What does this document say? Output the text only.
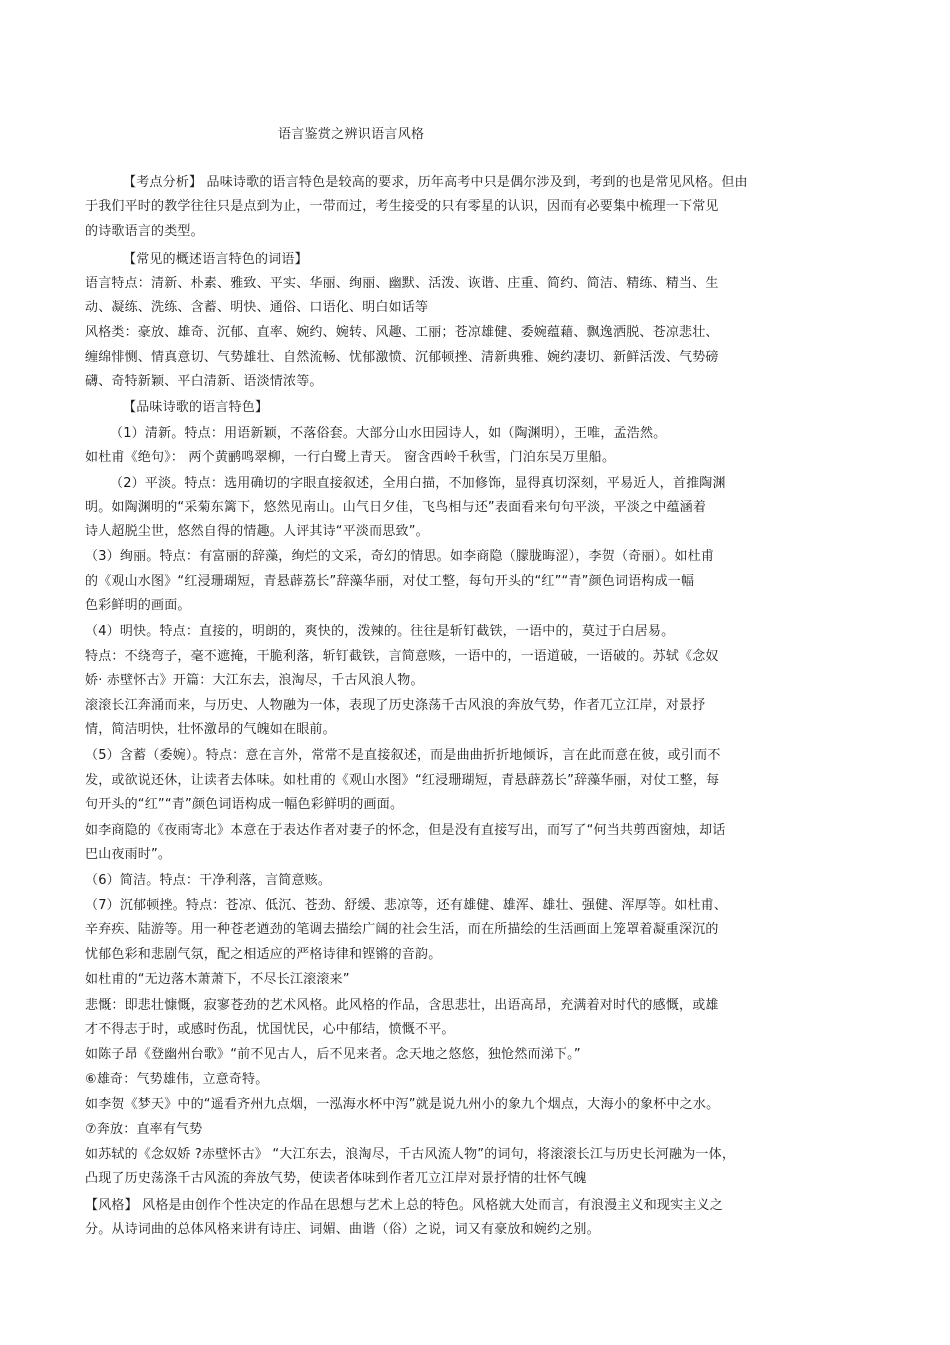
语言鉴赏之辨识语言风格
【考点分析】 品味诗歌的语言特色是较高的要求，历年高考中只是偶尔涉及到，考到的也是常见风格。但由
于我们平时的教学往往只是点到为止，一带而过，考生接受的只有零星的认识，因而有必要集中梳理一下常见
的诗歌语言的类型。
【常见的概述语言特色的词语】
语言特点：清新、朴素、雅致、平实、华丽、绚丽、幽默、活泼、诙谐、庄重、简约、简洁、精练、精当、生
动、凝练、洗练、含蓄、明快、通俗、口语化、明白如话等
风格类：豪放、雄奇、沉郁、直率、婉约、婉转、风趣、工丽；苍凉雄健、委婉蕴藉、飘逸洒脱、苍凉悲壮、
缠绵悱恻、情真意切、气势雄壮、自然流畅、忧郁激愤、沉郁顿挫、清新典雅、婉约凄切、新鲜活泼、气势磅
礴、奇特新颖、平白清新、语淡情浓等。
【品味诗歌的语言特色】
（1）清新。特点：用语新颖，不落俗套。大部分山水田园诗人，如（陶渊明），王唯，孟浩然。
如杜甫《绝句》： 两个黄鹂鸣翠柳，一行白鹭上青天。 窗含西岭千秋雪，门泊东吴万里船。
（2）平淡。特点：选用确切的字眼直接叙述，全用白描，不加修饰，显得真切深刻，平易近人，首推陶渊
明。如陶渊明的“采菊东篱下，悠然见南山。山气日夕佳，飞鸟相与还”表面看来句句平淡，平淡之中蕴涵着
诗人超脱尘世，悠然自得的情趣。人评其诗“平淡而思致”。
（3）绚丽。特点：有富丽的辞藻，绚烂的文采，奇幻的情思。如李商隐（朦胧晦涩），李贺（奇丽）。如杜甫
的《观山水图》“红浸珊瑚短，青悬薜荔长”辞藻华丽，对仗工整，每句开头的“红”“青”颜色词语构成一幅
色彩鲜明的画面。
（4）明快。特点：直接的，明朗的，爽快的，泼辣的。往往是斩钉截铁，一语中的，莫过于白居易。
特点：不绕弯子，毫不遮掩，干脆利落，斩钉截铁，言简意赅，一语中的，一语道破，一语破的。苏轼《念奴
娇· 赤壁怀古》开篇：大江东去，浪淘尽，千古风浪人物。
滚滚长江奔涌而来，与历史、人物融为一体，表现了历史涤荡千古风浪的奔放气势，作者兀立江岸，对景抒
情，简洁明快，壮怀激昂的气魄如在眼前。
（5）含蓄（委婉）。特点：意在言外，常常不是直接叙述，而是曲曲折折地倾诉，言在此而意在彼，或引而不
发，或欲说还休，让读者去体味。如杜甫的《观山水图》“红浸珊瑚短，青悬薜荔长”辞藻华丽，对仗工整，每
句开头的“红”“青”颜色词语构成一幅色彩鲜明的画面。
如李商隐的《夜雨寄北》本意在于表达作者对妻子的怀念，但是没有直接写出，而写了“何当共剪西窗烛，却话
巴山夜雨时”。
（6）简洁。特点：干净利落，言简意赅。
（7）沉郁顿挫。特点：苍凉、低沉、苍劲、舒缓、悲凉等，还有雄健、雄浑、雄壮、强健、浑厚等。如杜甫、
辛弃疾、陆游等。用一种苍老遒劲的笔调去描绘广阔的社会生活，而在所描绘的生活画面上笼罩着凝重深沉的
忧郁色彩和悲剧气氛，配之相适应的严格诗律和铿锵的音韵。
如杜甫的“无边落木萧萧下，不尽长江滚滚来”
悲慨：即悲壮慷慨，寂寥苍劲的艺术风格。此风格的作品，含思悲壮，出语高昂，充满着对时代的感慨，或雄
才不得志于时，或感时伤乱，忧国忧民，心中郁结，愤慨不平。
如陈子昂《登幽州台歌》“前不见古人，后不见来者。念天地之悠悠，独怆然而涕下。”
⑥雄奇：气势雄伟，立意奇特。
如李贺《梦天》中的“遥看齐州九点烟，一泓海水杯中泻”就是说九州小的象九个烟点，大海小的象杯中之水。
⑦奔放：直率有气势
如苏轼的《念奴娇 ?赤壁怀古》 “大江东去，浪淘尽，千古风流人物”的词句，将滚滚长江与历史长河融为一体，
凸现了历史荡涤千古风流的奔放气势，使读者体味到作者兀立江岸对景抒情的壮怀气魄
【风格】 风格是由创作个性决定的作品在思想与艺术上总的特色。风格就大处而言，有浪漫主义和现实主义之
分。从诗词曲的总体风格来讲有诗庄、词媚、曲谐（俗）之说，词又有豪放和婉约之别。
